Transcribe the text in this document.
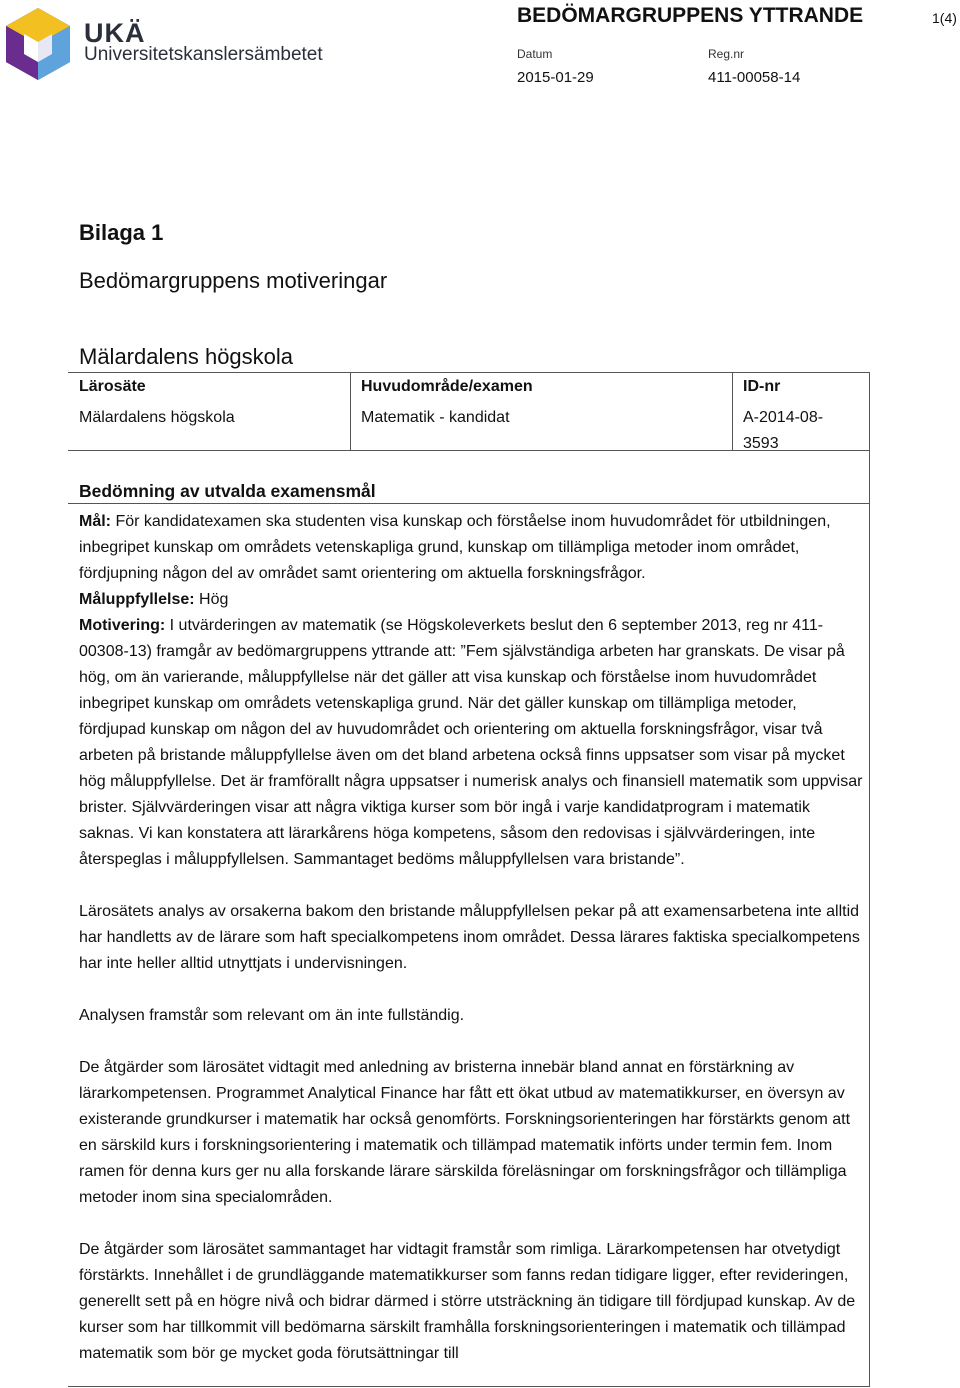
UKÄ
Universitetskanslersämbetet
BEDÖMARGRUPPENS YTTRANDE	1(4)
Datum
2015-01-29
Reg.nr
411-00058-14
Bilaga 1
Bedömargruppens motiveringar
Mälardalens högskola
Lärosäte
Mälardalens högskola
Huvudområde/examen
Matematik - kandidat
ID-nr
A-2014-08-
3593
Bedömning av utvalda examensmål

Mål: För kandidatexamen ska studenten visa kunskap och förståelse inom huvudområdet för utbildningen, inbegripet kunskap om områdets vetenskapliga grund, kunskap om tillämpliga metoder inom området, fördjupning någon del av området samt orientering om aktuella forskningsfrågor.

Måluppfyllelse: Hög

Motivering: I utvärderingen av matematik (se Högskoleverkets beslut den 6 september 2013, reg nr 411-00308-13) framgår av bedömargruppens yttrande att: ”Fem självständiga arbeten har granskats. De visar på hög, om än varierande, måluppfyllelse när det gäller att visa kunskap och förståelse inom huvudområdet inbegripet kunskap om områdets vetenskapliga grund. När det gäller kunskap om tillämpliga metoder, fördjupad kunskap om någon del av huvudområdet och orientering om aktuella forskningsfrågor, visar två arbeten på bristande måluppfyllelse även om det bland arbetena också finns uppsatser som visar på mycket hög måluppfyllelse. Det är framförallt några uppsatser i numerisk analys och finansiell matematik som uppvisar brister. Självvärderingen visar att några viktiga kurser som bör ingå i varje kandidatprogram i matematik saknas. Vi kan konstatera att lärarkårens höga kompetens, såsom den redovisas i självvärderingen, inte återspeglas i måluppfyllelsen. Sammantaget bedöms måluppfyllelsen vara bristande”.

Lärosätets analys av orsakerna bakom den bristande måluppfyllelsen pekar på att examensarbetena inte alltid har handletts av de lärare som haft specialkompetens inom området. Dessa lärares faktiska specialkompetens har inte heller alltid utnyttjats i undervisningen.

Analysen framstår som relevant om än inte fullständig.

De åtgärder som lärosätet vidtagit med anledning av bristerna innebär bland annat en förstärkning av lärarkompetensen. Programmet Analytical Finance har fått ett ökat utbud av matematikkurser, en översyn av existerande grundkurser i matematik har också genomförts. Forskningsorienteringen har förstärkts genom att en särskild kurs i forskningsorientering i matematik och tillämpad matematik införts under termin fem. Inom ramen för denna kurs ger nu alla forskande lärare särskilda föreläsningar om forskningsfrågor och tillämpliga metoder inom sina specialområden.

De åtgärder som lärosätet sammantaget har vidtagit framstår som rimliga. Lärarkompetensen har otvetydigt förstärkts. Innehållet i de grundläggande matematikkurser som fanns redan tidigare ligger, efter revideringen, generellt sett på en högre nivå och bidrar därmed i större utsträckning än tidigare till fördjupad kunskap. Av de kurser som har tillkommit vill bedömarna särskilt framhålla forskningsorienteringen i matematik och tillämpad matematik som bör ge mycket goda förutsättningar till
